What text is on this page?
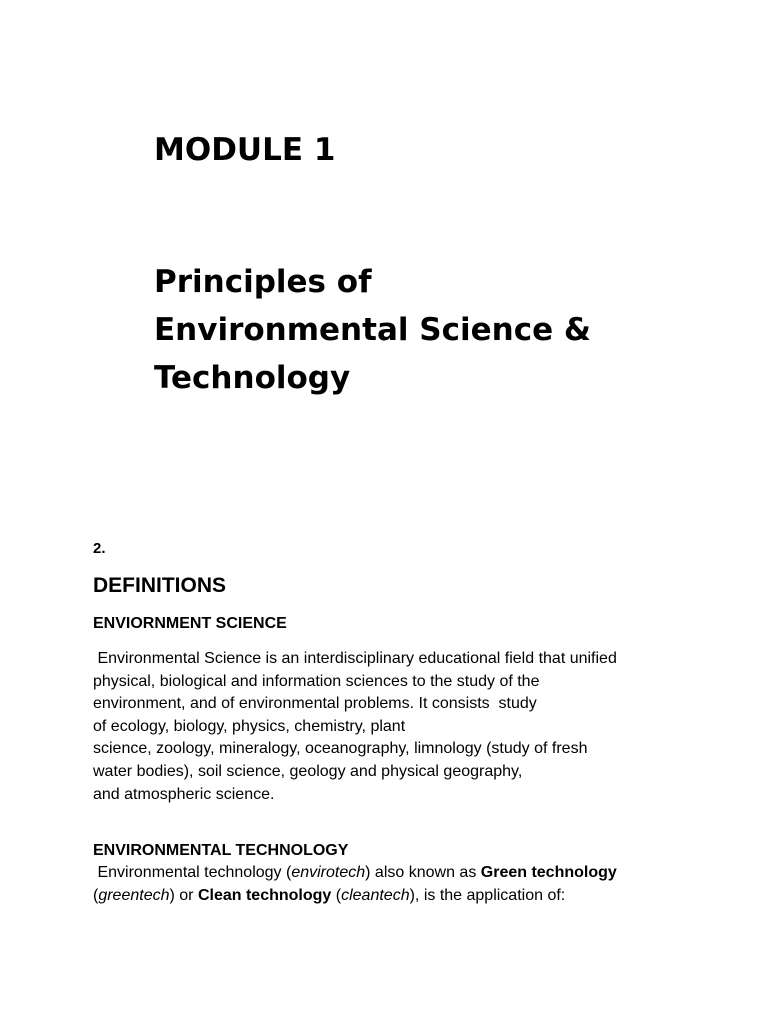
MODULE 1
Principles of
Environmental Science &
Technology
2.
DEFINITIONS
ENVIORNMENT SCIENCE
Environmental Science is an interdisciplinary educational field that unified
physical, biological and information sciences to the study of the
environment, and of environmental problems. It consists  study
of ecology, biology, physics, chemistry, plant
science, zoology, mineralogy, oceanography, limnology (study of fresh
water bodies), soil science, geology and physical geography,
and atmospheric science.
ENVIRONMENTAL TECHNOLOGY
Environmental technology (envirotech) also known as Green technology
(greentech) or Clean technology (cleantech), is the application of:
